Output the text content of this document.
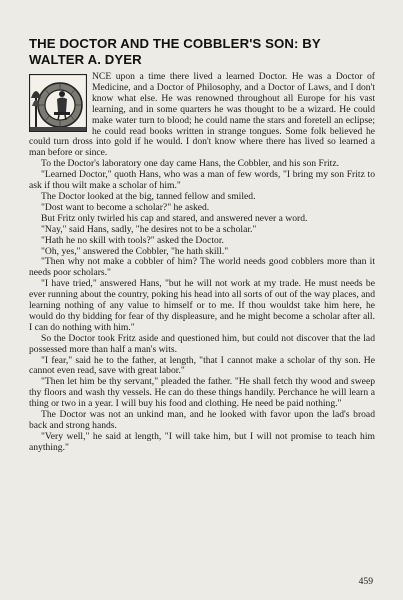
THE DOCTOR AND THE COBBLER'S SON: BY WALTER A. DYER

NCE upon a time there lived a learned Doctor. He was a Doctor of Medicine, and a Doctor of Philosophy, and a Doctor of Laws, and I don't know what else. He was renowned throughout all Europe for his vast learning, and in some quarters he was thought to be a wizard. He could make water turn to blood; he could name the stars and foretell an eclipse; he could read books written in strange tongues. Some folk believed he could turn dross into gold if he would. I don't know where there has lived so learned a man before or since.

To the Doctor's laboratory one day came Hans, the Cobbler, and his son Fritz.

"Learned Doctor," quoth Hans, who was a man of few words, "I bring my son Fritz to ask if thou wilt make a scholar of him."

The Doctor looked at the big, tanned fellow and smiled.

"Dost want to become a scholar?" he asked.

But Fritz only twirled his cap and stared, and answered never a word.

"Nay," said Hans, sadly, "he desires not to be a scholar."

"Hath he no skill with tools?" asked the Doctor.

"Oh, yes," answered the Cobbler, "he hath skill."

"Then why not make a cobbler of him? The world needs good cobblers more than it needs poor scholars."

"I have tried," answered Hans, "but he will not work at my trade. He must needs be ever running about the country, poking his head into all sorts of out of the way places, and learning nothing of any value to himself or to me. If thou wouldst take him here, he would do thy bidding for fear of thy displeasure, and he might become a scholar after all. I can do nothing with him."

So the Doctor took Fritz aside and questioned him, but could not discover that the lad possessed more than half a man's wits.

"I fear," said he to the father, at length, "that I cannot make a scholar of thy son. He cannot even read, save with great labor."

"Then let him be thy servant," pleaded the father. "He shall fetch thy wood and sweep thy floors and wash thy vessels. He can do these things handily. Perchance he will learn a thing or two in a year. I will buy his food and clothing. He need be paid nothing."

The Doctor was not an unkind man, and he looked with favor upon the lad's broad back and strong hands.

"Very well," he said at length, "I will take him, but I will not promise to teach him anything."

459
